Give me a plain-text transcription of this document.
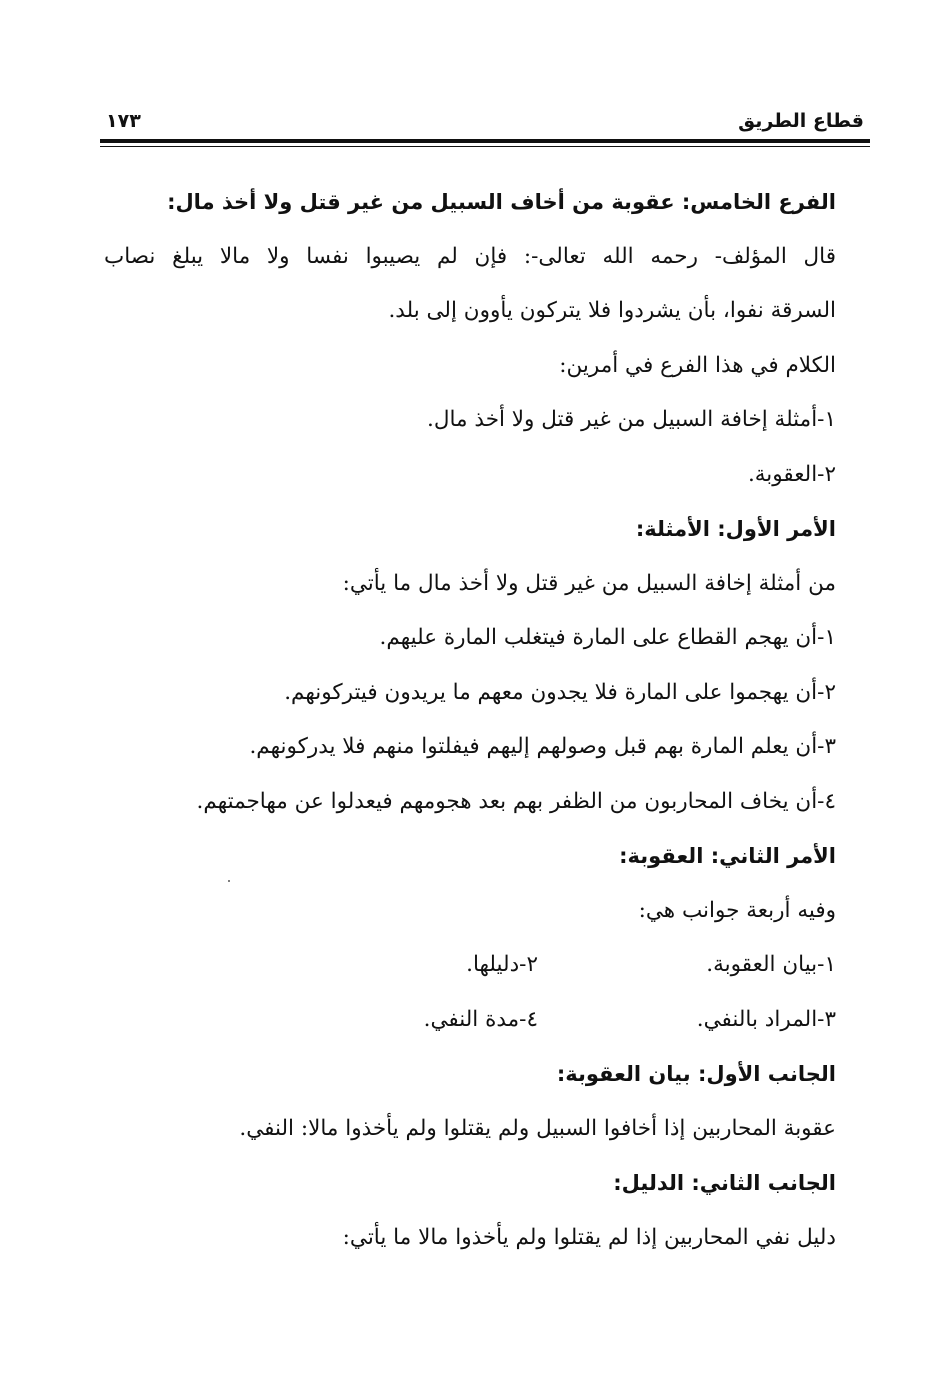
قطاع الطريق
١٧٣
الفرع الخامس: عقوبة من أخاف السبيل من غير قتل ولا أخذ مال:
قال المؤلف- رحمه الله تعالى-: فإن لم يصيبوا نفسا ولا مالا يبلغ نصاب
السرقة نفوا، بأن يشردوا فلا يتركون يأوون إلى بلد.
الكلام في هذا الفرع في أمرين:
١-أمثلة إخافة السبيل من غير قتل ولا أخذ مال.
٢-العقوبة.
الأمر الأول: الأمثلة:
من أمثلة إخافة السبيل من غير قتل ولا أخذ مال ما يأتي:
١-أن يهجم القطاع على المارة فيتغلب المارة عليهم.
٢-أن يهجموا على المارة فلا يجدون معهم ما يريدون فيتركونهم.
٣-أن يعلم المارة بهم قبل وصولهم إليهم فيفلتوا منهم فلا يدركونهم.
٤-أن يخاف المحاربون من الظفر بهم بعد هجومهم فيعدلوا عن مهاجمتهم.
الأمر الثاني: العقوبة:
وفيه أربعة جوانب هي:
١-بيان العقوبة.
٢-دليلها.
٣-المراد بالنفي.
٤-مدة النفي.
الجانب الأول: بيان العقوبة:
عقوبة المحاربين إذا أخافوا السبيل ولم يقتلوا ولم يأخذوا مالا: النفي.
الجانب الثاني: الدليل:
دليل نفي المحاربين إذا لم يقتلوا ولم يأخذوا مالا ما يأتي:
